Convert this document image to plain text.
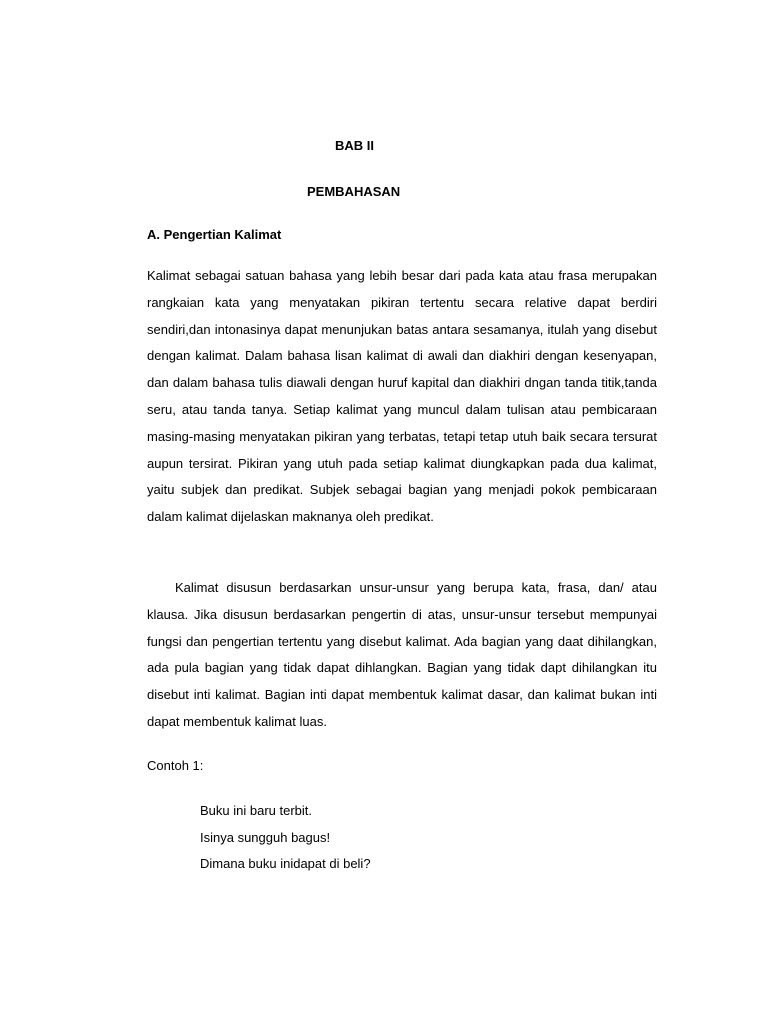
BAB II
PEMBAHASAN
A. Pengertian Kalimat

Kalimat sebagai satuan bahasa yang lebih besar dari pada kata atau frasa merupakan rangkaian kata yang menyatakan pikiran tertentu secara relative dapat berdiri sendiri,dan intonasinya dapat menunjukan batas antara sesamanya, itulah yang disebut dengan kalimat. Dalam bahasa lisan kalimat di awali dan diakhiri dengan kesenyapan, dan dalam bahasa tulis diawali dengan huruf kapital dan diakhiri dngan tanda titik,tanda seru, atau tanda tanya. Setiap kalimat yang muncul dalam tulisan atau pembicaraan masing-masing menyatakan pikiran yang terbatas, tetapi tetap utuh baik secara tersurat aupun tersirat. Pikiran yang utuh pada setiap kalimat diungkapkan pada dua kalimat, yaitu subjek dan predikat. Subjek sebagai bagian yang menjadi pokok pembicaraan dalam kalimat dijelaskan maknanya oleh predikat.

Kalimat disusun berdasarkan unsur-unsur yang berupa kata, frasa, dan/ atau klausa. Jika disusun berdasarkan pengertin di atas, unsur-unsur tersebut mempunyai fungsi dan pengertian tertentu yang disebut kalimat. Ada bagian yang daat dihilangkan, ada pula bagian yang tidak dapat dihlangkan. Bagian yang tidak dapt dihilangkan itu disebut inti kalimat. Bagian inti dapat membentuk kalimat dasar, dan kalimat bukan inti dapat membentuk kalimat luas.

Contoh 1:
Buku ini baru terbit.
Isinya sungguh bagus!
Dimana buku inidapat di beli?
